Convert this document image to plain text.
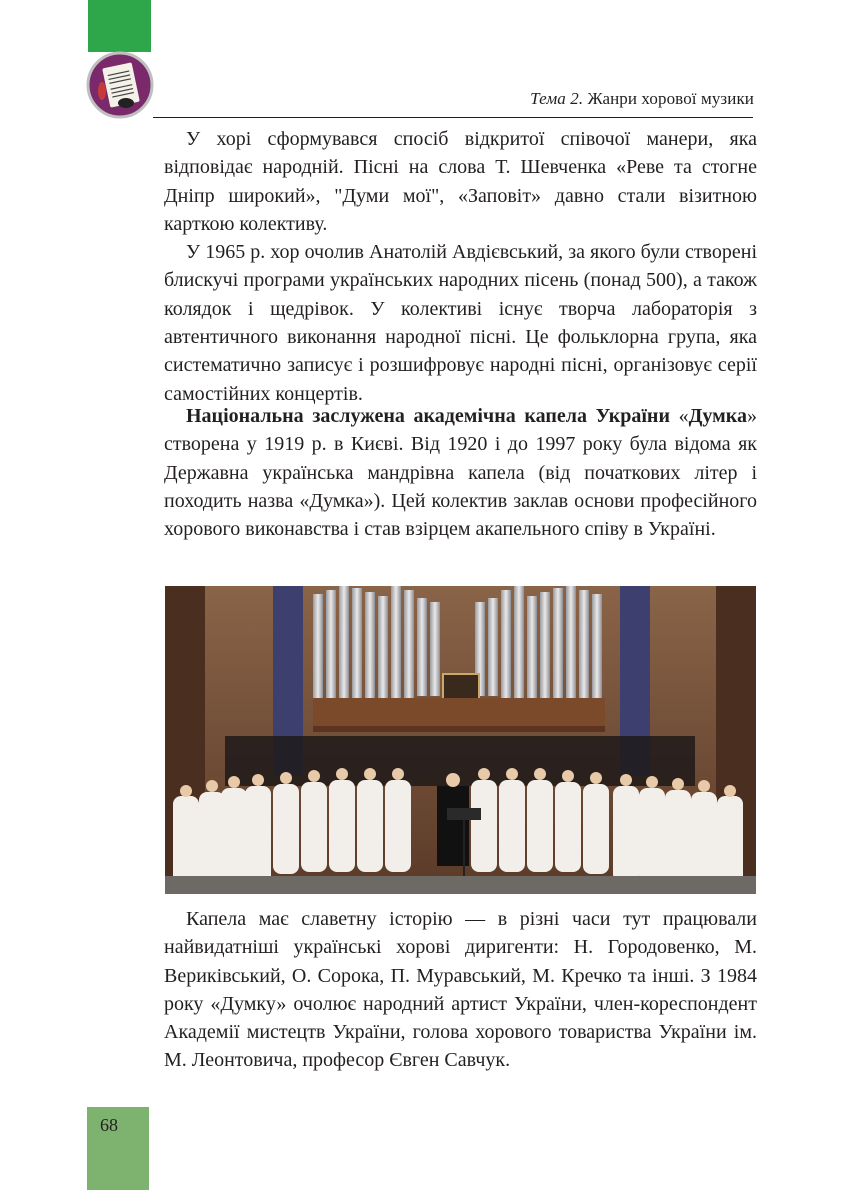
Тема 2. Жанри хорової музики

У хорі сформувався спосіб відкритої співочої манери, яка відповідає народній. Пісні на слова Т. Шевченка «Реве та стогне Дніпр широкий», "Думи мої", «Заповіт» давно стали візитною карткою колективу.

У 1965 р. хор очолив Анатолій Авдієвський, за якого були створені блискучі програми українських народних пісень (понад 500), а також колядок і щедрівок. У колективі існує творча лабораторія з автентичного виконання народної пісні. Це фольклорна група, яка систематично записує і розшифровує народні пісні, організовує серії самостійних концертів.

Національна заслужена академічна капела України «Думка» створена у 1919 р. в Києві. Від 1920 і до 1997 року була відома як Державна українська мандрівна капела (від початкових літер і походить назва «Думка»). Цей колектив заклав основи професійного хорового виконавства і став взірцем акапельного співу в Україні.

Капела має славетну історію — в різні часи тут працювали найвидатніші українські хорові диригенти: Н. Городовенко, М. Вериківський, О. Сорока, П. Муравський, М. Кречко та інші. З 1984 року «Думку» очолює народний артист України, член-кореспондент Академії мистецтв України, голова хорового товариства України ім. М. Леонтовича, професор Євген Савчук.

68
